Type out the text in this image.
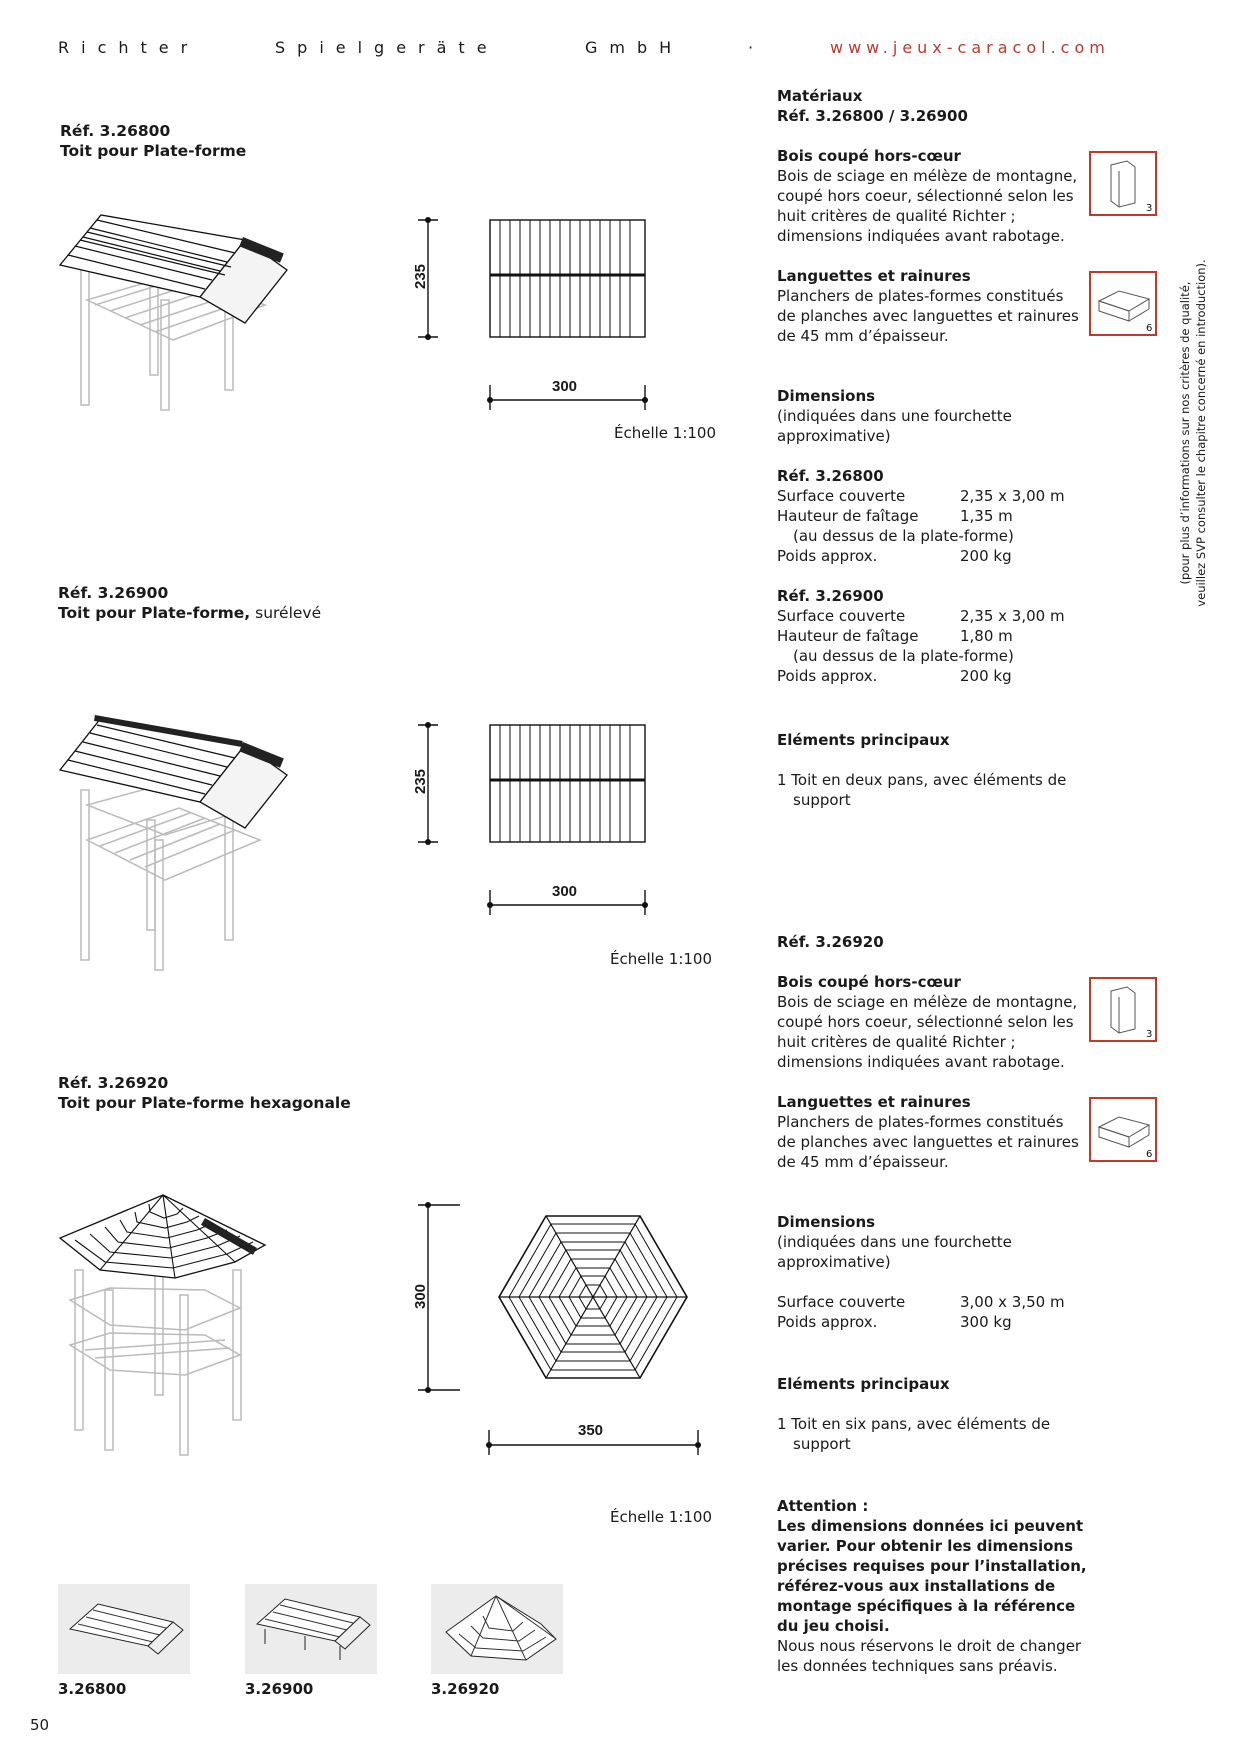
Richter	Spielgeräte	GmbH	·	www.jeux-caracol.com
Réf. 3.26800
Toit pour Plate-forme
235
300
Échelle 1:100
Réf. 3.26900
Toit pour Plate-forme, surélevé
235
300
Échelle 1:100
Réf. 3.26920
Toit pour Plate-forme hexagonale
300
350
Échelle 1:100
Matériaux
Réf. 3.26800 / 3.26900
Bois coupé hors-cœur
Bois de sciage en mélèze de montagne, coupé hors coeur, sélectionné selon les huit critères de qualité Richter ; dimensions indiquées avant rabotage.
Languettes et rainures
Planchers de plates-formes constitués de planches avec languettes et rainures de 45 mm d’épaisseur.
3
6
Dimensions
(indiquées dans une fourchette approximative)
Réf. 3.26800
Surface couverte	2,35 x 3,00 m
Hauteur de faîtage	1,35 m
(au dessus de la plate-forme)
Poids approx.	200 kg
Réf. 3.26900
Surface couverte	2,35 x 3,00 m
Hauteur de faîtage	1,80 m
(au dessus de la plate-forme)
Poids approx.	200 kg
Eléments principaux
1 Toit en deux pans, avec éléments de
support
Réf. 3.26920
Bois coupé hors-cœur
Bois de sciage en mélèze de montagne, coupé hors coeur, sélectionné selon les huit critères de qualité Richter ; dimensions indiquées avant rabotage.
Languettes et rainures
Planchers de plates-formes constitués de planches avec languettes et rainures de 45 mm d’épaisseur.
3
6
Dimensions
(indiquées dans une fourchette approximative)
Surface couverte	3,00 x 3,50 m
Poids approx.	300 kg
Eléments principaux
1 Toit en six pans, avec éléments de
support
Attention :
Les dimensions données ici peuvent varier. Pour obtenir les dimensions précises requises pour l’installation, référez-vous aux installations de montage spécifiques à la référence du jeu choisi.
Nous nous réservons le droit de changer les données techniques sans préavis.
(pour plus d’informations sur nos critères de qualité, veuillez SVP consulter le chapitre concerné en introduction).
3.26800	3.26900	3.26920
50
